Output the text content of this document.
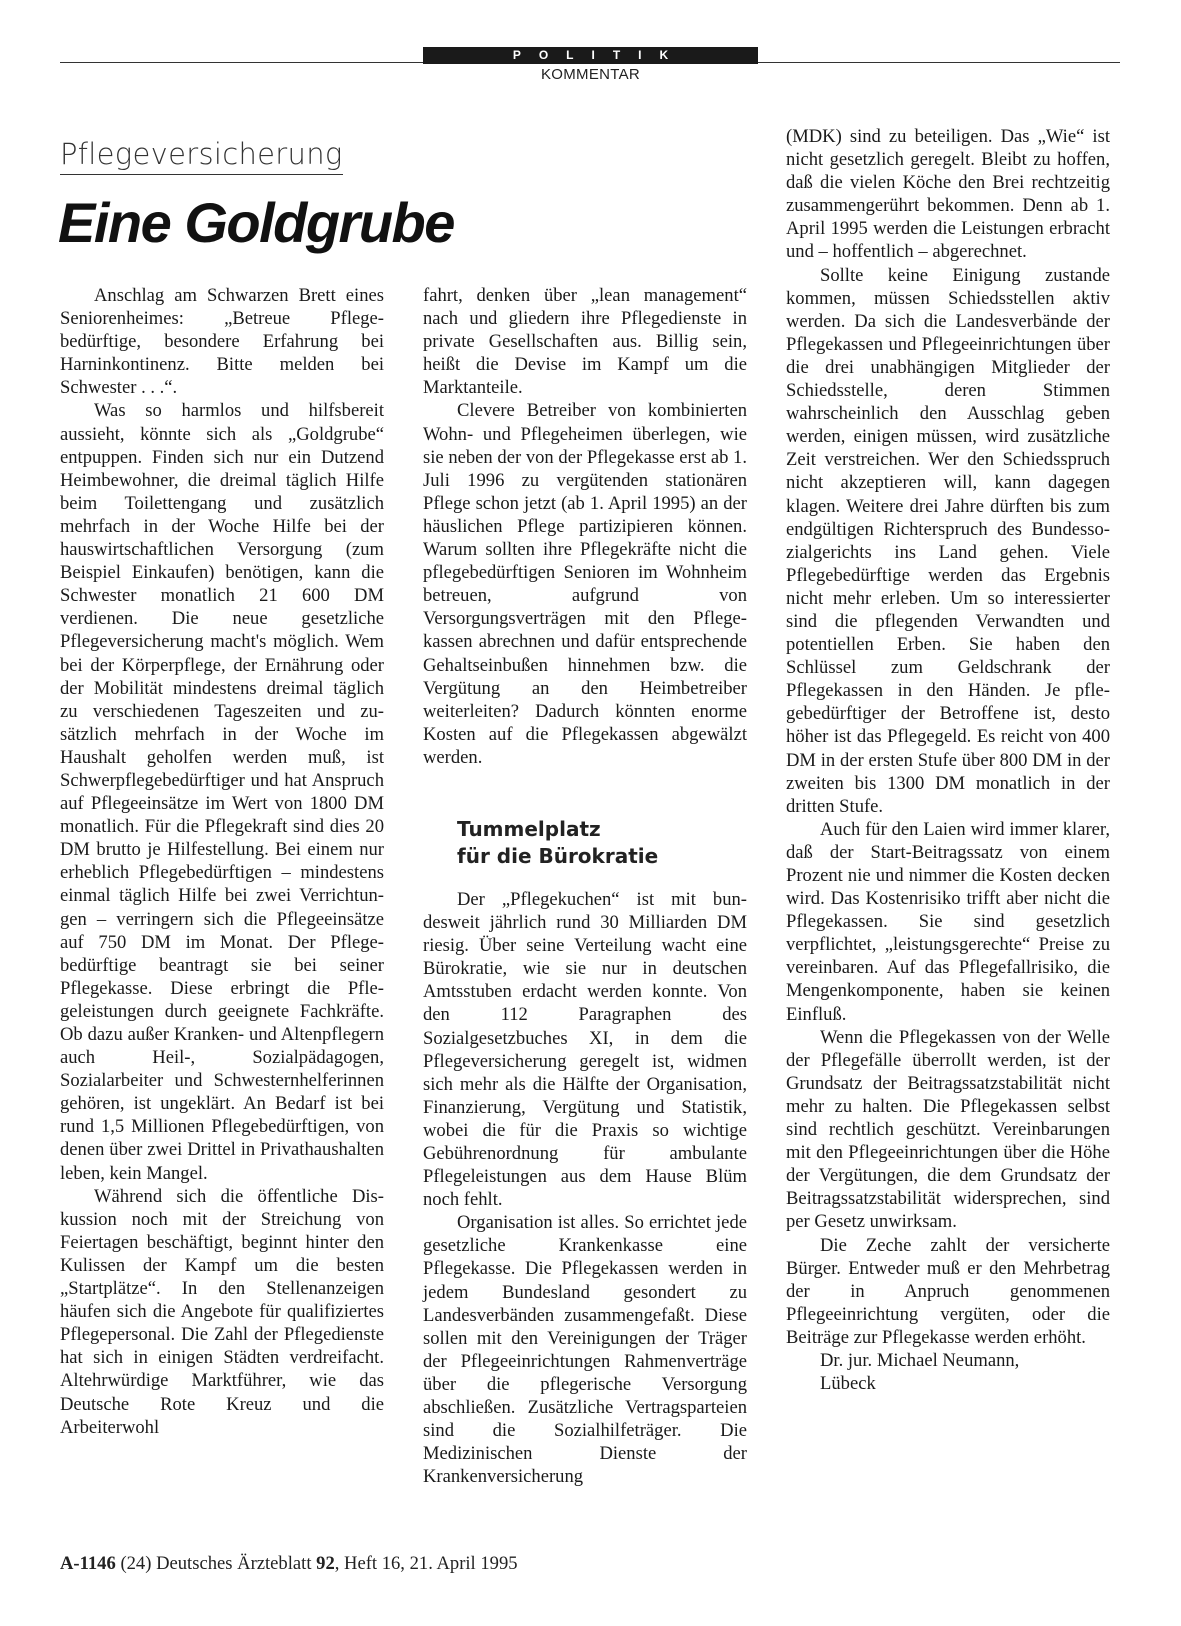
POLITIK
KOMMENTAR
Pflegeversicherung
Eine Goldgrube

Anschlag am Schwarzen Brett eines Seniorenheimes: „Betreue Pflegebedürftige, besondere Erfahrung bei Harninkontinenz. Bitte melden bei Schwester . . .“.

Was so harmlos und hilfsbereit aussieht, könnte sich als „Goldgrube“ entpuppen. Finden sich nur ein Dutzend Heimbewohner, die dreimal täglich Hilfe beim Toilettengang und zusätzlich mehrfach in der Woche Hilfe bei der hauswirtschaftlichen Versorgung (zum Beispiel Einkaufen) benötigen, kann die Schwester monatlich 21 600 DM verdienen. Die neue gesetzliche Pflegeversicherung macht's möglich. Wem bei der Körperpflege, der Ernährung oder der Mobilität mindestens dreimal täglich zu verschiedenen Tageszeiten und zusätzlich mehrfach in der Woche im Haushalt geholfen werden muß, ist Schwerpflegebedürftiger und hat Anspruch auf Pflegeeinsätze im Wert von 1800 DM monatlich. Für die Pflegekraft sind dies 20 DM brutto je Hilfestellung. Bei einem nur erheblich Pflegebedürftigen – mindestens einmal täglich Hilfe bei zwei Verrichtungen – verringern sich die Pflegeeinsätze auf 750 DM im Monat. Der Pflegebedürftige beantragt sie bei seiner Pflegekasse. Diese erbringt die Pflegeleistungen durch geeignete Fachkräfte. Ob dazu außer Kranken- und Altenpflegern auch Heil-, Sozialpädagogen, Sozialarbeiter und Schwesternhelferinnen gehören, ist ungeklärt. An Bedarf ist bei rund 1,5 Millionen Pflegebedürftigen, von denen über zwei Drittel in Privathaushalten leben, kein Mangel.

Während sich die öffentliche Diskussion noch mit der Streichung von Feiertagen beschäftigt, beginnt hinter den Kulissen der Kampf um die besten „Startplätze“. In den Stellenanzeigen häufen sich die Angebote für qualifiziertes Pflegepersonal. Die Zahl der Pflegedienste hat sich in einigen Städten verdreifacht. Altehrwürdige Marktführer, wie das Deutsche Rote Kreuz und die Arbeiterwohl

fahrt, denken über „lean management“ nach und gliedern ihre Pflegedienste in private Gesellschaften aus. Billig sein, heißt die Devise im Kampf um die Marktanteile.

Clevere Betreiber von kombinierten Wohn- und Pflegeheimen überlegen, wie sie neben der von der Pflegekasse erst ab 1. Juli 1996 zu vergütenden stationären Pflege schon jetzt (ab 1. April 1995) an der häuslichen Pflege partizipieren können. Warum sollten ihre Pflegekräfte nicht die pflegebedürftigen Senioren im Wohnheim betreuen, aufgrund von Versorgungsverträgen mit den Pflegekassen abrechnen und dafür entsprechende Gehaltseinbußen hinnehmen bzw. die Vergütung an den Heimbetreiber weiterleiten? Dadurch könnten enorme Kosten auf die Pflegekassen abgewälzt werden.

Tummelplatz
für die Bürokratie

Der „Pflegekuchen“ ist mit bundesweit jährlich rund 30 Milliarden DM riesig. Über seine Verteilung wacht eine Bürokratie, wie sie nur in deutschen Amtsstuben erdacht werden konnte. Von den 112 Paragraphen des Sozialgesetzbuches XI, in dem die Pflegeversicherung geregelt ist, widmen sich mehr als die Hälfte der Organisation, Finanzierung, Vergütung und Statistik, wobei die für die Praxis so wichtige Gebührenordnung für ambulante Pflegeleistungen aus dem Hause Blüm noch fehlt.

Organisation ist alles. So errichtet jede gesetzliche Krankenkasse eine Pflegekasse. Die Pflegekassen werden in jedem Bundesland gesondert zu Landesverbänden zusammengefaßt. Diese sollen mit den Vereinigungen der Träger der Pflegeeinrichtungen Rahmenverträge über die pflegerische Versorgung abschließen. Zusätzliche Vertragsparteien sind die Sozialhilfeträger. Die Medizinischen Dienste der Krankenversicherung

(MDK) sind zu beteiligen. Das „Wie“ ist nicht gesetzlich geregelt. Bleibt zu hoffen, daß die vielen Köche den Brei rechtzeitig zusammengerührt bekommen. Denn ab 1. April 1995 werden die Leistungen erbracht und – hoffentlich – abgerechnet.

Sollte keine Einigung zustande kommen, müssen Schiedsstellen aktiv werden. Da sich die Landesverbände der Pflegekassen und Pflegeeinrichtungen über die drei unabhängigen Mitglieder der Schiedsstelle, deren Stimmen wahrscheinlich den Ausschlag geben werden, einigen müssen, wird zusätzliche Zeit verstreichen. Wer den Schiedsspruch nicht akzeptieren will, kann dagegen klagen. Weitere drei Jahre dürften bis zum endgültigen Richterspruch des Bundessozialgerichts ins Land gehen. Viele Pflegebedürftige werden das Ergebnis nicht mehr erleben. Um so interessierter sind die pflegenden Verwandten und potentiellen Erben. Sie haben den Schlüssel zum Geldschrank der Pflegekassen in den Händen. Je pflegebedürftiger der Betroffene ist, desto höher ist das Pflegegeld. Es reicht von 400 DM in der ersten Stufe über 800 DM in der zweiten bis 1300 DM monatlich in der dritten Stufe.

Auch für den Laien wird immer klarer, daß der Start-Beitragssatz von einem Prozent nie und nimmer die Kosten decken wird. Das Kostenrisiko trifft aber nicht die Pflegekassen. Sie sind gesetzlich verpflichtet, „leistungsgerechte“ Preise zu vereinbaren. Auf das Pflegefallrisiko, die Mengenkomponente, haben sie keinen Einfluß.

Wenn die Pflegekassen von der Welle der Pflegefälle überrollt werden, ist der Grundsatz der Beitragssatzstabilität nicht mehr zu halten. Die Pflegekassen selbst sind rechtlich geschützt. Vereinbarungen mit den Pflegeeinrichtungen über die Höhe der Vergütungen, die dem Grundsatz der Beitragssatzstabilität widersprechen, sind per Gesetz unwirksam.

Die Zeche zahlt der versicherte Bürger. Entweder muß er den Mehrbetrag der in Anpruch genommenen Pflegeeinrichtung vergüten, oder die Beiträge zur Pflegekasse werden erhöht.

Dr. jur. Michael Neumann,

Lübeck

A-1146 (24) Deutsches Ärzteblatt 92, Heft 16, 21. April 1995
